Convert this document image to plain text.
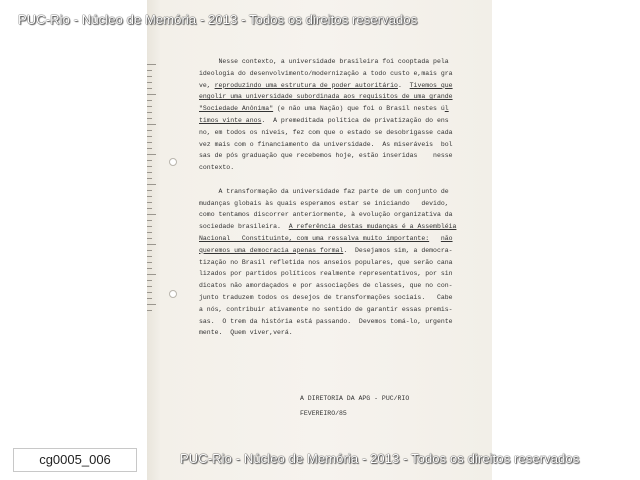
Nesse contexto, a universidade brasileira foi cooptada pela
ideologia do desenvolvimento/modernização a todo custo e,mais gra
ve, reproduzindo uma estrutura de poder autoritário.  Tivemos que
engolir uma universidade subordinada aos requisitos de uma grande
"Sociedade Anônima" (e não uma Nação) que foi o Brasil nestes úl
timos vinte anos.  A premeditada política de privatização do ens
no, em todos os níveis, fez com que o estado se desobrigasse cada
vez mais com o financiamento da universidade.  As miseráveis  bol
sas de pós graduação que recebemos hoje, estão inseridas    nesse
contexto.
A transformação da universidade faz parte de um conjunto de
mudanças globais às quais esperamos estar se iniciando   devido,
como tentamos discorrer anteriormente, à evolução organizativa da
sociedade brasileira.  A referência destas mudanças é a Assembléia
Nacional   Constituinte, com uma ressalva muito importante: não
queremos uma democracia apenas formal.  Desejamos sim, a democra-
tização no Brasil refletida nos anseios populares, que serão cana
lizados por partidos políticos realmente representativos, por sin
dicatos não amordaçados e por associações de classes, que no con-
junto traduzem todos os desejos de transformações sociais.   Cabe
a nós, contribuir ativamente no sentido de garantir essas premis-
sas.  O trem da história está passando.  Devemos tomá-lo, urgente
mente.  Quem viver,verá.
A DIRETORIA DA APG - PUC/RIO
FEVEREIRO/85
PUC-Rio - Núcleo de Memória - 2013 - Todos os direitos reservados
PUC-Rio - Núcleo de Memória - 2013 - Todos os direitos reservados
cg0005_006
